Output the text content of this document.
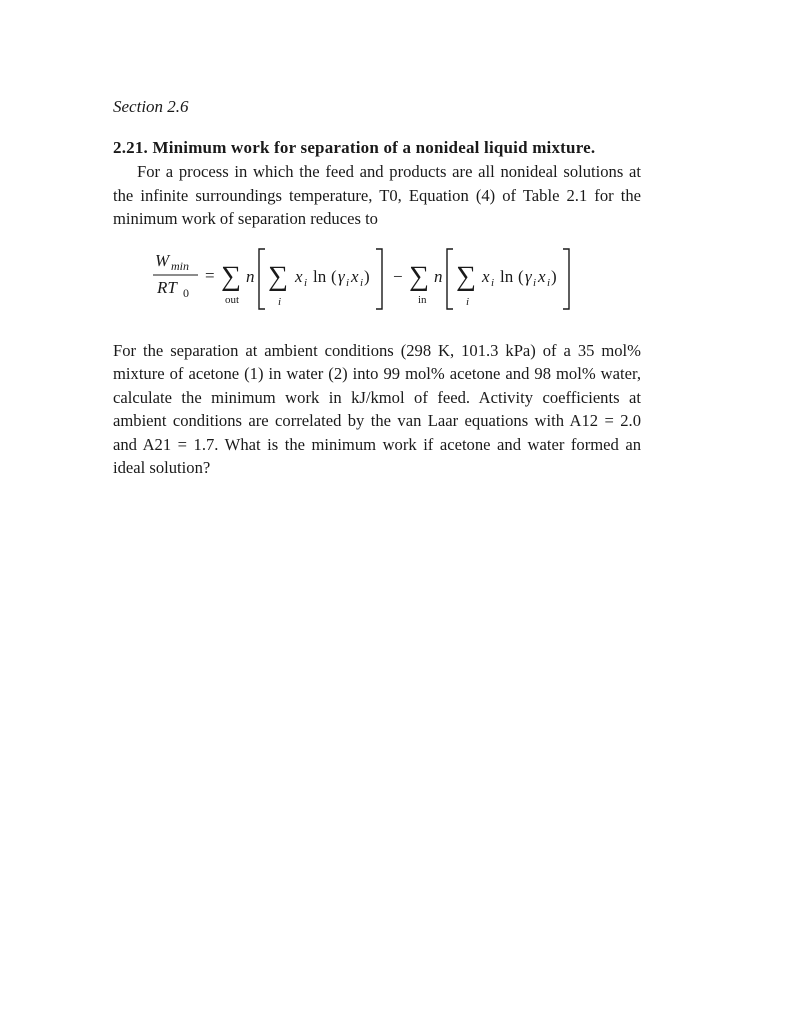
Section 2.6

2.21. Minimum work for separation of a nonideal liquid mixture.

For a process in which the feed and products are all nonideal solutions at the infinite surroundings temperature, T0, Equation (4) of Table 2.1 for the minimum work of separation reduces to

W min
RT 0
= ∑
out
n ∑
i
x i ln ( γ i x i ) − ∑
in
n ∑
i
x i ln ( γ i x i )

For the separation at ambient conditions (298 K, 101.3 kPa) of a 35 mol% mixture of acetone (1) in water (2) into 99 mol% acetone and 98 mol% water, calculate the minimum work in kJ/kmol of feed. Activity coefficients at ambient conditions are correlated by the van Laar equations with A12 = 2.0 and A21 = 1.7. What is the minimum work if acetone and water formed an ideal solution?
